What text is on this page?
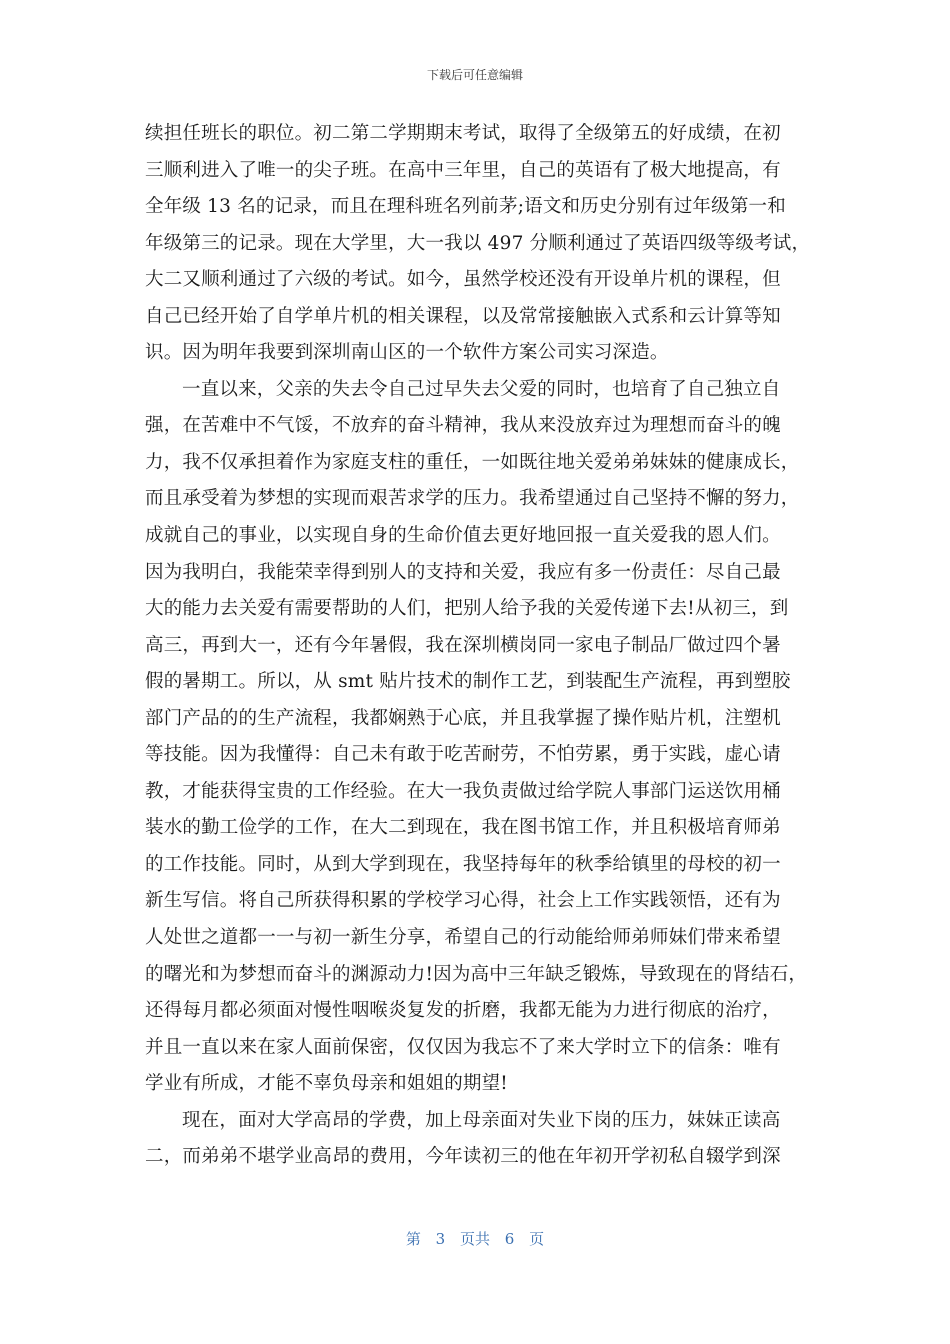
下载后可任意编辑
续担任班长的职位。初二第二学期期末考试，取得了全级第五的好成绩，在初
三顺利进入了唯一的尖子班。在高中三年里，自己的英语有了极大地提高，有
全年级 13 名的记录，而且在理科班名列前茅;语文和历史分别有过年级第一和
年级第三的记录。现在大学里，大一我以 497 分顺利通过了英语四级等级考试，
大二又顺利通过了六级的考试。如今，虽然学校还没有开设单片机的课程，但
自己已经开始了自学单片机的相关课程，以及常常接触嵌入式系和云计算等知
识。因为明年我要到深圳南山区的一个软件方案公司实习深造。
一直以来，父亲的失去令自己过早失去父爱的同时，也培育了自己独立自
强，在苦难中不气馁，不放弃的奋斗精神，我从来没放弃过为理想而奋斗的魄
力，我不仅承担着作为家庭支柱的重任，一如既往地关爱弟弟妹妹的健康成长，
而且承受着为梦想的实现而艰苦求学的压力。我希望通过自己坚持不懈的努力，
成就自己的事业，以实现自身的生命价值去更好地回报一直关爱我的恩人们。
因为我明白，我能荣幸得到别人的支持和关爱，我应有多一份责任：尽自己最
大的能力去关爱有需要帮助的人们，把别人给予我的关爱传递下去!从初三，到
高三，再到大一，还有今年暑假，我在深圳横岗同一家电子制品厂做过四个暑
假的暑期工。所以，从 smt 贴片技术的制作工艺，到装配生产流程，再到塑胶
部门产品的的生产流程，我都娴熟于心底，并且我掌握了操作贴片机，注塑机
等技能。因为我懂得：自己未有敢于吃苦耐劳，不怕劳累，勇于实践，虚心请
教，才能获得宝贵的工作经验。在大一我负责做过给学院人事部门运送饮用桶
装水的勤工俭学的工作，在大二到现在，我在图书馆工作，并且积极培育师弟
的工作技能。同时，从到大学到现在，我坚持每年的秋季给镇里的母校的初一
新生写信。将自己所获得积累的学校学习心得，社会上工作实践领悟，还有为
人处世之道都一一与初一新生分享，希望自己的行动能给师弟师妹们带来希望
的曙光和为梦想而奋斗的渊源动力!因为高中三年缺乏锻炼，导致现在的肾结石，
还得每月都必须面对慢性咽喉炎复发的折磨，我都无能为力进行彻底的治疗，
并且一直以来在家人面前保密，仅仅因为我忘不了来大学时立下的信条：唯有
学业有所成，才能不辜负母亲和姐姐的期望!
现在，面对大学高昂的学费，加上母亲面对失业下岗的压力，妹妹正读高
二，而弟弟不堪学业高昂的费用，今年读初三的他在年初开学初私自辍学到深
第 3 页共 6 页
